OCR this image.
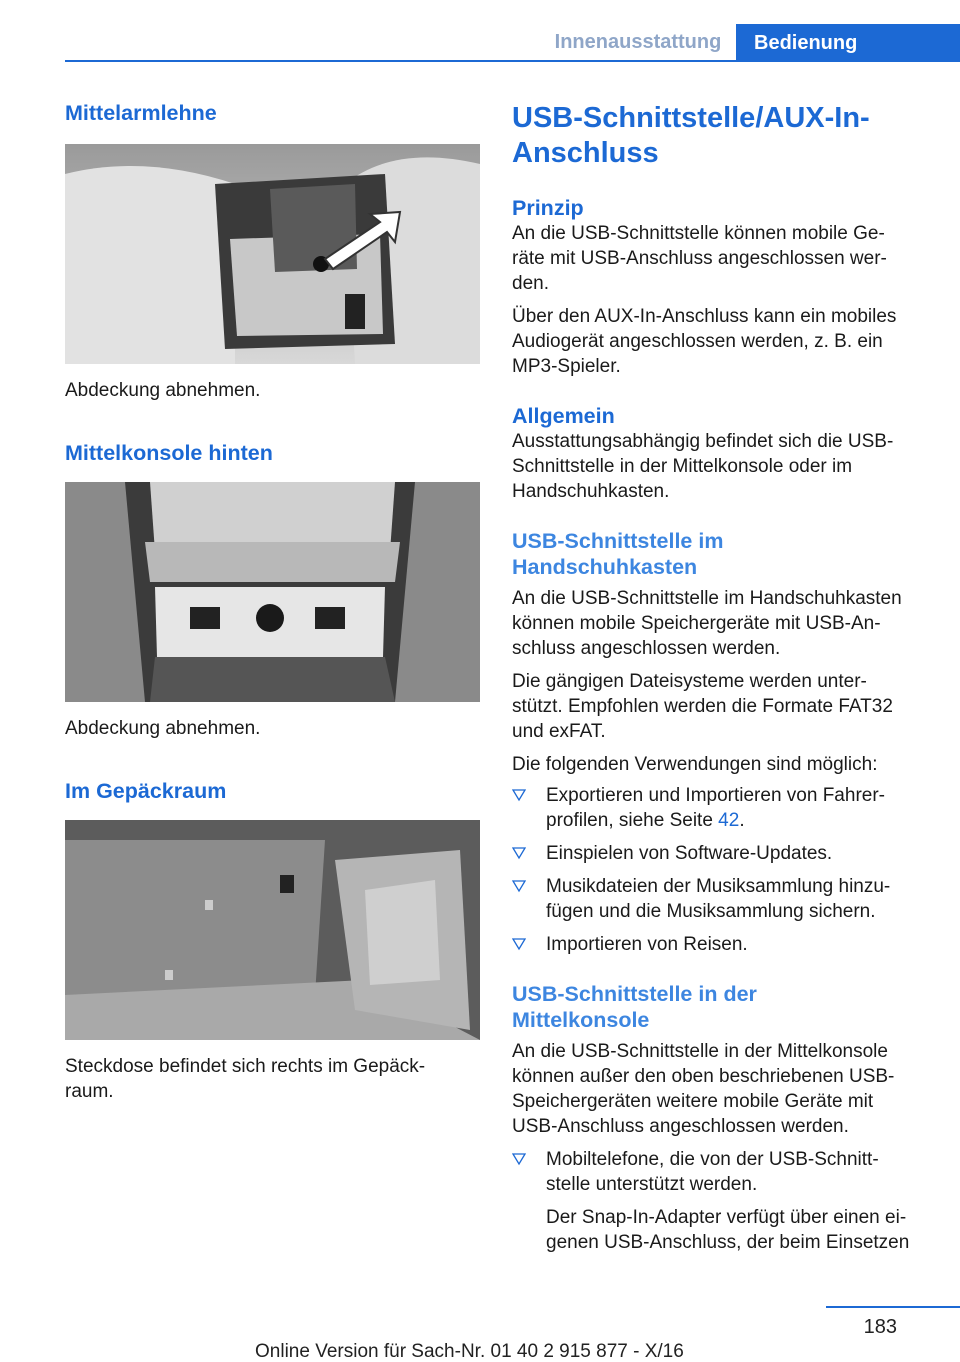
Innenausstattung	Bedienung
Mittelarmlehne

Abdeckung abnehmen.

Mittelkonsole hinten

Abdeckung abnehmen.

Im Gepäckraum

Steckdose befindet sich rechts im Gepäck-

raum.

USB-Schnittstelle/AUX-In-
Anschluss
Prinzip

An die USB-Schnittstelle können mobile Ge-

räte mit USB-Anschluss angeschlossen wer-

den.

Über den AUX-In-Anschluss kann ein mobiles

Audiogerät angeschlossen werden, z. B. ein

MP3-Spieler.

Allgemein

Ausstattungsabhängig befindet sich die USB-

Schnittstelle in der Mittelkonsole oder im

Handschuhkasten.

USB-Schnittstelle im
Handschuhkasten

An die USB-Schnittstelle im Handschuhkasten

können mobile Speichergeräte mit USB-An-

schluss angeschlossen werden.

Die gängigen Dateisysteme werden unter-

stützt. Empfohlen werden die Formate FAT32

und exFAT.

Die folgenden Verwendungen sind möglich:

Exportieren und Importieren von Fahrer-
profilen, siehe Seite 42.
Einspielen von Software-Updates.
Musikdateien der Musiksammlung hinzu-
fügen und die Musiksammlung sichern.
Importieren von Reisen.
USB-Schnittstelle in der
Mittelkonsole

An die USB-Schnittstelle in der Mittelkonsole

können außer den oben beschriebenen USB-

Speichergeräten weitere mobile Geräte mit

USB-Anschluss angeschlossen werden.

Mobiltelefone, die von der USB-Schnitt-
stelle unterstützt werden.
Der Snap-In-Adapter verfügt über einen ei-
genen USB-Anschluss, der beim Einsetzen
183
Online Version für Sach-Nr. 01 40 2 915 877 - X/16
